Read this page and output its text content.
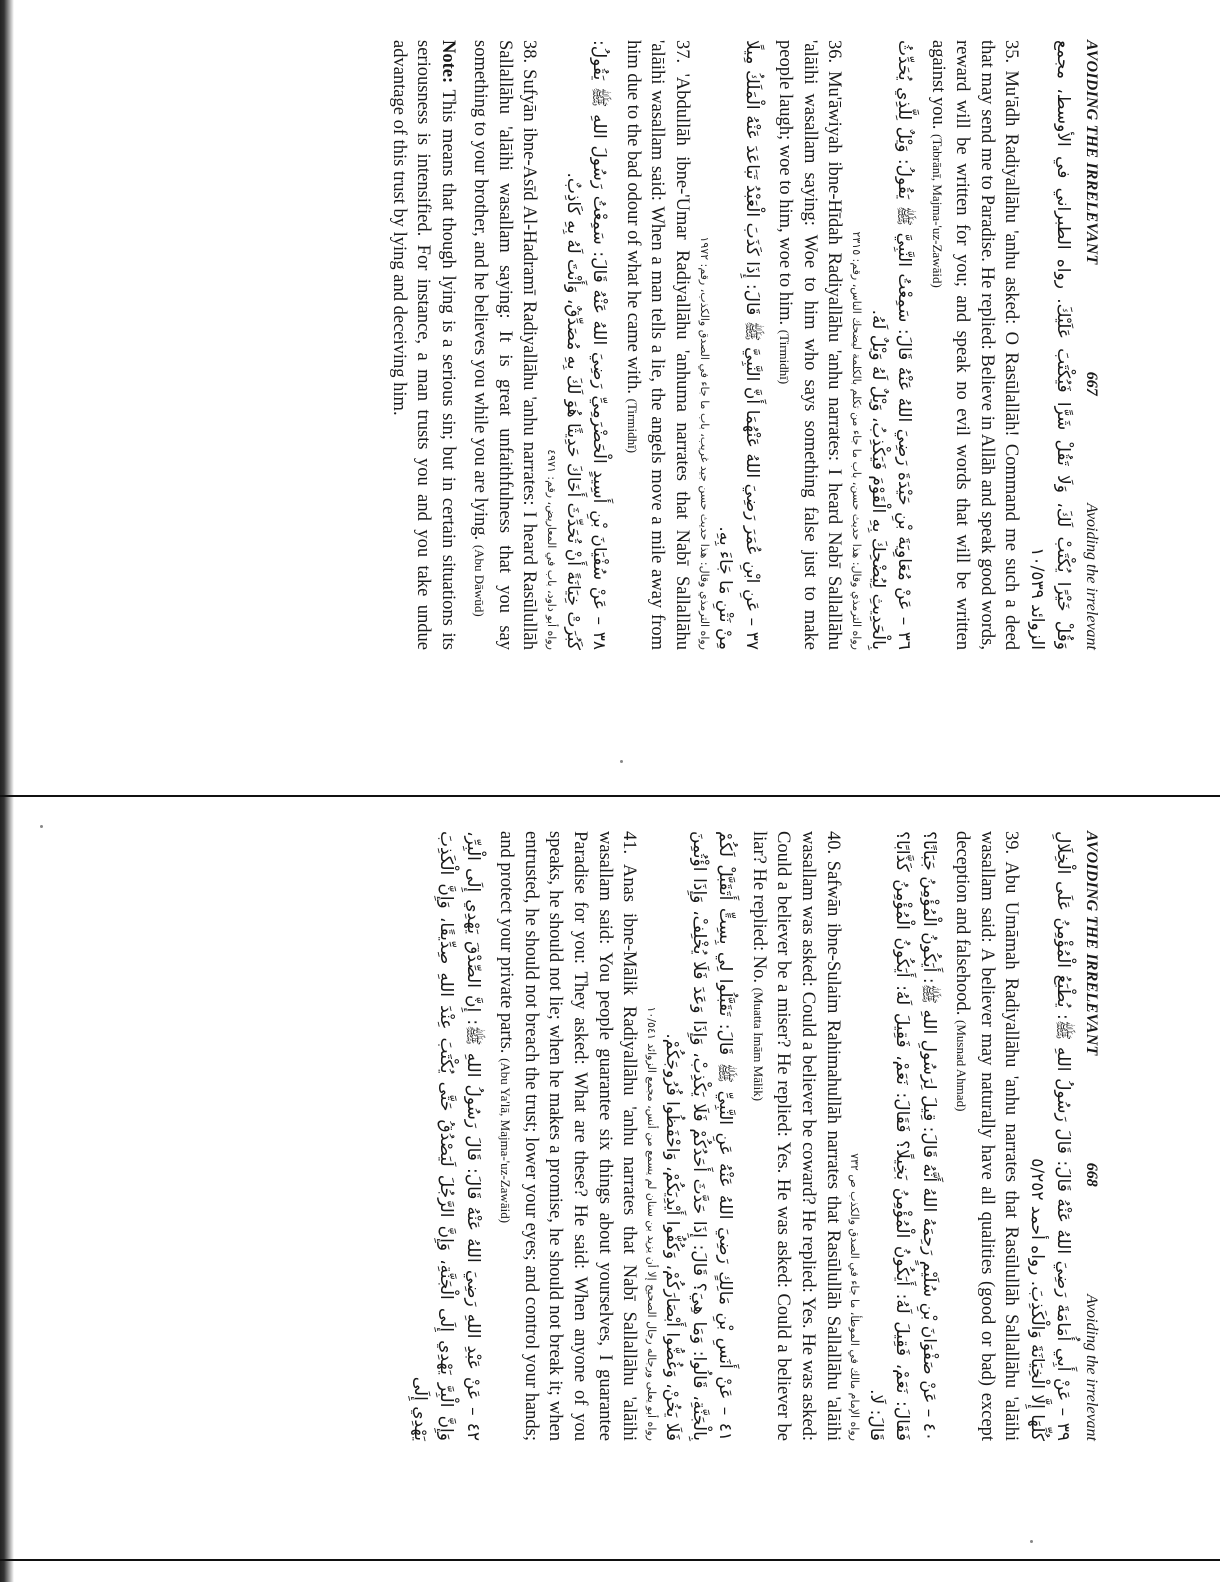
AVOIDING THE IRRELEVANT
667
Avoiding the irrelevant

وَقُلْ خَيْرًا يُكْتَبْ لَكَ، وَلَا تَقُلْ شَرًّا فَيُكْتَبَ عَلَيْكَ. رواه الطبراني في الأوسط، مجمع الزوائد ١٠/٥٣٩

35. Mu'ādh Radiyallāhu 'anhu asked: O Rasūlallāh! Command me such a deed that may send me to Paradise. He replied: Believe in Allāh and speak good words, reward will be written for you; and speak no evil words that will be written against you. (Tabrānī, Majma-'uz-Zawāid)

٣٦ – عَنْ مُعَاوِيَةَ بْنِ حَيْدَةَ رَضِيَ اللهُ عَنْهُ قَالَ: سَمِعْتُ النَّبِيَّ ﷺ يَقُولُ: وَيْلٌ لِلَّذِي يُحَدِّثُ بِالْحَدِيثِ لِيُضْحِكَ بِهِ الْقَوْمَ فَيَكْذِبُ، وَيْلٌ لَهُ وَيْلٌ لَهُ.

رواه الترمذي وقال: هذا حديث حسن، باب ما جاء من تكلم بالكلمة ليضحك الناس، رقم: ٢٣١٥

36. Mu'āwiyah ibne-Hīdah Radiyallāhu 'anhu narrates: I heard Nabī Sallallāhu 'alāihi wasallam saying: Woe to him who says something false just to make people laugh; woe to him, woe to him. (Tirmidhī)

٣٧ – عَنِ ابْنِ عُمَرَ رَضِيَ اللهُ عَنْهُمَا أَنَّ النَّبِيَّ ﷺ قَالَ: إِذَا كَذَبَ الْعَبْدُ تَبَاعَدَ عَنْهُ الْمَلَكُ مِيلًا مِنْ نَتْنِ مَا جَاءَ بِهِ.

رواه الترمذي وقال: هذا حديث حسن جيد غريب، باب ما جاء في الصدق والكذب، رقم: ١٩٧٢

37. 'Abdullāh ibne-'Umar Radiyallāhu 'anhuma narrates that Nabī Sallallāhu 'alāihi wasallam said: When a man tells a lie, the angels move a mile away from him due to the bad odour of what he came with. (Tirmidhī)

٣٨ – عَنْ سُفْيَانَ بْنِ أَسِيدٍ الْحَضْرَمِيِّ رَضِيَ اللهُ عَنْهُ قَالَ: سَمِعْتُ رَسُولَ اللهِ ﷺ يَقُولُ: كَبُرَتْ خِيَانَةً أَنْ تُحَدِّثَ أَخَاكَ حَدِيثًا هُوَ لَكَ بِهِ مُصَدِّقٌ، وَأَنْتَ لَهُ بِهِ كَاذِبٌ.

رواه أبو داود، باب في المعاريض، رقم: ٤٩٧١

38. Sufyān ibne-Asīd Al-Hadramī Radiyallāhu 'anhu narrates: I heard Rasūlullāh Sallallāhu 'alāihi wasallam saying: It is great unfaithfulness that you say something to your brother, and he believes you while you are lying. (Abu Dāwūd)

Note: This means that though lying is a serious sin; but in certain situations its seriousness is intensified. For instance, a man trusts you and you take undue advantage of this trust by lying and deceiving him.

AVOIDING THE IRRELEVANT
668
Avoiding the irrelevant

٣٩ – عَنْ أَبِي أُمَامَةَ رَضِيَ اللهُ عَنْهُ قَالَ: قَالَ رَسُولُ اللهِ ﷺ: يُطْبَعُ الْمُؤْمِنُ عَلَى الْخِلَالِ كُلِّهَا إِلَّا الْخِيَانَةَ وَالْكَذِبَ. رواه أحمد ٥/٢٥٢

39. Abu Umāmah Radiyallāhu 'anhu narrates that Rasūlullāh Sallallāhu 'alāihi wasallam said: A believer may naturally have all qualities (good or bad) except deception and falsehood. (Musnad Ahmad)

٤٠ – عَنْ صَفْوَانَ بْنِ سُلَيْمٍ رَحِمَهُ اللهُ أَنَّهُ قَالَ: قِيلَ لِرَسُولِ اللهِ ﷺ: أَيَكُونُ الْمُؤْمِنُ جَبَانًا؟ فَقَالَ: نَعَمْ، فَقِيلَ لَهُ: أَيَكُونُ الْمُؤْمِنُ بَخِيلًا؟ فَقَالَ: نَعَمْ، فَقِيلَ لَهُ: أَيَكُونُ الْمُؤْمِنُ كَذَّابًا؟ قَالَ: لَا.

رواه الإمام مالك في الموطأ، ما جاء في الصدق والكذب ص ٧٣٢

40. Safwān ibne-Sulaim Rahimahullāh narrates that Rasūlullāh Sallallāhu 'alāihi wasallam was asked: Could a believer be coward? He replied: Yes. He was asked: Could a believer be a miser? He replied: Yes. He was asked: Could a believer be liar? He replied: No. (Muatta Imām Mālik)

٤١ – عَنْ أَنَسِ بْنِ مَالِكٍ رَضِيَ اللهُ عَنْهُ عَنِ النَّبِيِّ ﷺ قَالَ: تَقَبَّلُوا لِي بِسِتٍّ أَتَقَبَّلْ لَكُمْ بِالْجَنَّةِ، قَالُوا: وَمَا هِيَ؟ قَالَ: إِذَا حَدَّثَ أَحَدُكُمْ فَلَا يَكْذِبْ، وَإِذَا وَعَدَ فَلَا يُخْلِفْ، وَإِذَا اؤْتُمِنَ فَلَا يَخُنْ، وَغُضُّوا أَبْصَارَكُمْ، وَكُفُّوا أَيْدِيَكُمْ، وَاحْفَظُوا فُرُوجَكُمْ.

رواه أبو يعلى ورجاله رجال الصحيح إلا أن يزيد بن سنان لم يسمع من أنس، مجمع الزوائد ١٠/٥٤١

41. Anas ibne-Mālik Radiyallāhu 'anhu narrates that Nabī Sallallāhu 'alāihi wasallam said: You people guarantee six things about yourselves, I guarantee Paradise for you: They asked: What are these? He said: When anyone of you speaks, he should not lie; when he makes a promise, he should not break it; when entrusted, he should not breach the trust; lower your eyes; and control your hands; and protect your private parts. (Abu Ya'lā, Majma-'uz-Zawāid)

٤٢ – عَنْ عَبْدِ اللهِ رَضِيَ اللهُ عَنْهُ قَالَ: قَالَ رَسُولُ اللهِ ﷺ: إِنَّ الصِّدْقَ يَهْدِي إِلَى الْبِرِّ، وَإِنَّ الْبِرَّ يَهْدِي إِلَى الْجَنَّةِ، وَإِنَّ الرَّجُلَ لَيَصْدُقُ حَتَّى يُكْتَبَ عِنْدَ اللهِ صِدِّيقًا، وَإِنَّ الْكَذِبَ يَهْدِي إِلَى
